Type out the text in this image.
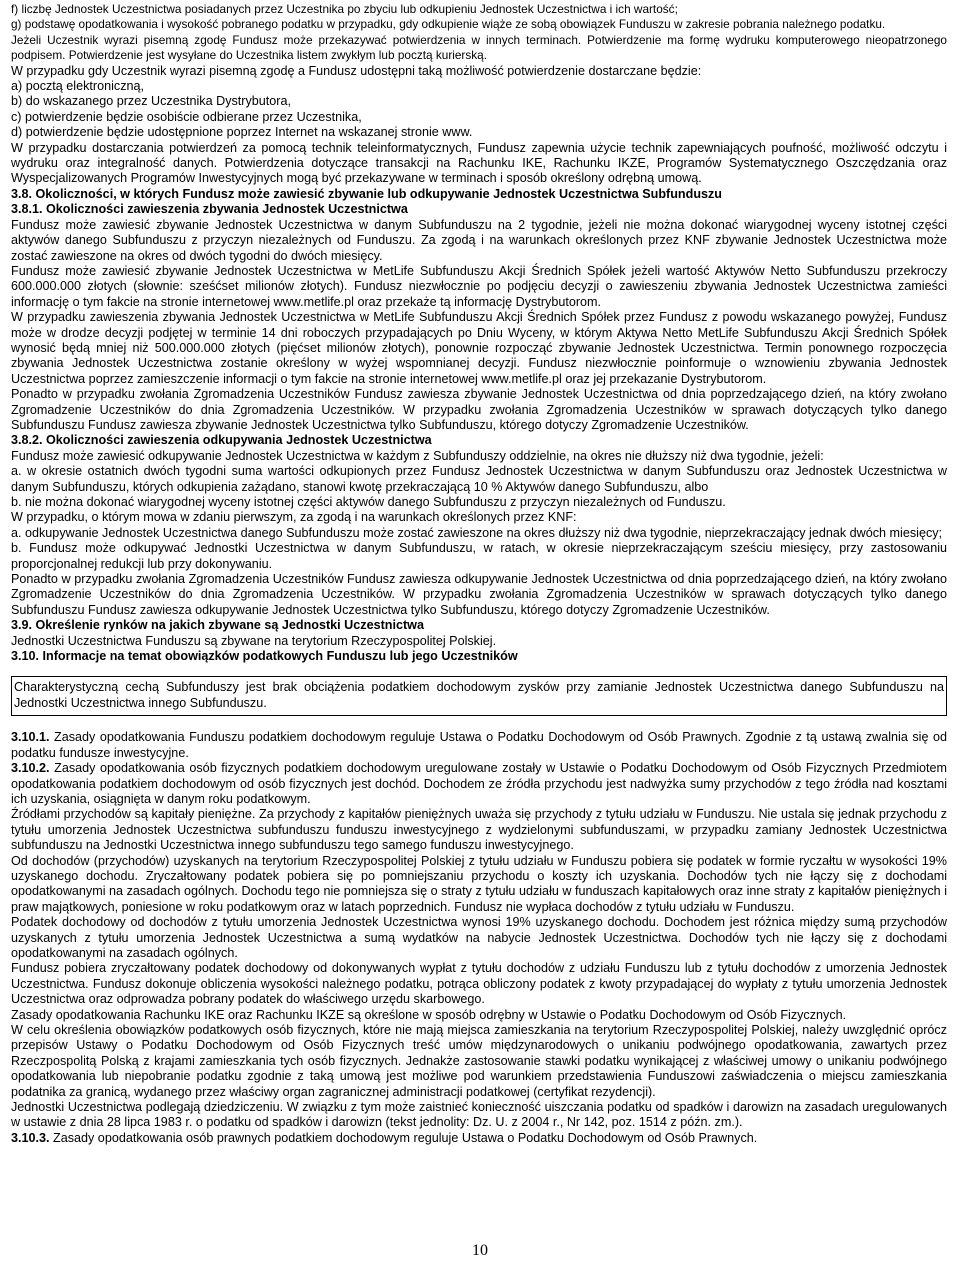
f) liczbę Jednostek Uczestnictwa posiadanych przez Uczestnika po zbyciu lub odkupieniu Jednostek Uczestnictwa i ich wartość;

g) podstawę opodatkowania i wysokość pobranego podatku w przypadku, gdy odkupienie wiąże ze sobą obowiązek Funduszu w zakresie pobrania należnego podatku.

Jeżeli Uczestnik wyrazi pisemną zgodę Fundusz może przekazywać potwierdzenia w innych terminach. Potwierdzenie ma formę wydruku komputerowego nieopatrzonego podpisem. Potwierdzenie jest wysyłane do Uczestnika listem zwykłym lub pocztą kurierską.

W przypadku gdy Uczestnik wyrazi pisemną zgodę a Fundusz udostępni taką możliwość potwierdzenie dostarczane będzie:

a) pocztą elektroniczną,

b) do wskazanego przez Uczestnika Dystrybutora,

c) potwierdzenie będzie osobiście odbierane przez Uczestnika,

d) potwierdzenie będzie udostępnione poprzez Internet na wskazanej stronie www.

W przypadku dostarczania potwierdzeń za pomocą technik teleinformatycznych, Fundusz zapewnia użycie technik zapewniających poufność, możliwość odczytu i wydruku oraz integralność danych. Potwierdzenia dotyczące transakcji na Rachunku IKE, Rachunku IKZE, Programów Systematycznego Oszczędzania oraz Wyspecjalizowanych Programów Inwestycyjnych mogą być przekazywane w terminach i sposób określony odrębną umową.

3.8. Okoliczności, w których Fundusz może zawiesić zbywanie lub odkupywanie Jednostek Uczestnictwa Subfunduszu

3.8.1. Okoliczności zawieszenia zbywania Jednostek Uczestnictwa

Fundusz może zawiesić zbywanie Jednostek Uczestnictwa w danym Subfunduszu na 2 tygodnie, jeżeli nie można dokonać wiarygodnej wyceny istotnej części aktywów danego Subfunduszu z przyczyn niezależnych od Funduszu. Za zgodą i na warunkach określonych przez KNF zbywanie Jednostek Uczestnictwa może zostać zawieszone na okres od dwóch tygodni do dwóch miesięcy.

Fundusz może zawiesić zbywanie Jednostek Uczestnictwa w MetLife Subfunduszu Akcji Średnich Spółek jeżeli wartość Aktywów Netto Subfunduszu przekroczy 600.000.000 złotych (słownie: sześćset milionów złotych). Fundusz niezwłocznie po podjęciu decyzji o zawieszeniu zbywania Jednostek Uczestnictwa zamieści informację o tym fakcie na stronie internetowej www.metlife.pl oraz przekaże tą informację Dystrybutorom.

W przypadku zawieszenia zbywania Jednostek Uczestnictwa w MetLife Subfunduszu Akcji Średnich Spółek przez Fundusz z powodu wskazanego powyżej, Fundusz może w drodze decyzji podjętej w terminie 14 dni roboczych przypadających po Dniu Wyceny, w którym Aktywa Netto MetLife Subfunduszu Akcji Średnich Spółek wynosić będą mniej niż 500.000.000 złotych (pięćset milionów złotych), ponownie rozpocząć zbywanie Jednostek Uczestnictwa. Termin ponownego rozpoczęcia zbywania Jednostek Uczestnictwa zostanie określony w wyżej wspomnianej decyzji. Fundusz niezwłocznie poinformuje o wznowieniu zbywania Jednostek Uczestnictwa poprzez zamieszczenie informacji o tym fakcie na stronie internetowej www.metlife.pl oraz jej przekazanie Dystrybutorom.

Ponadto w przypadku zwołania Zgromadzenia Uczestników Fundusz zawiesza zbywanie Jednostek Uczestnictwa od dnia poprzedzającego dzień, na który zwołano Zgromadzenie Uczestników do dnia Zgromadzenia Uczestników. W przypadku zwołania Zgromadzenia Uczestników w sprawach dotyczących tylko danego Subfunduszu Fundusz zawiesza zbywanie Jednostek Uczestnictwa tylko Subfunduszu, którego dotyczy Zgromadzenie Uczestników.

3.8.2. Okoliczności zawieszenia odkupywania Jednostek Uczestnictwa

Fundusz może zawiesić odkupywanie Jednostek Uczestnictwa w każdym z Subfunduszy oddzielnie, na okres nie dłuższy niż dwa tygodnie, jeżeli:

a. w okresie ostatnich dwóch tygodni suma wartości odkupionych przez Fundusz Jednostek Uczestnictwa w danym Subfunduszu oraz Jednostek Uczestnictwa w danym Subfunduszu, których odkupienia zażądano, stanowi kwotę przekraczającą 10 % Aktywów danego Subfunduszu, albo

b. nie można dokonać wiarygodnej wyceny istotnej części aktywów danego Subfunduszu z przyczyn niezależnych od Funduszu.

W przypadku, o którym mowa w zdaniu pierwszym, za zgodą i na warunkach określonych przez KNF:

a. odkupywanie Jednostek Uczestnictwa danego Subfunduszu może zostać zawieszone na okres dłuższy niż dwa tygodnie, nieprzekraczający jednak dwóch miesięcy;

b. Fundusz może odkupywać Jednostki Uczestnictwa w danym Subfunduszu, w ratach, w okresie nieprzekraczającym sześciu miesięcy, przy zastosowaniu proporcjonalnej redukcji lub przy dokonywaniu.

Ponadto w przypadku zwołania Zgromadzenia Uczestników Fundusz zawiesza odkupywanie Jednostek Uczestnictwa od dnia poprzedzającego dzień, na który zwołano Zgromadzenie Uczestników do dnia Zgromadzenia Uczestników. W przypadku zwołania Zgromadzenia Uczestników w sprawach dotyczących tylko danego Subfunduszu Fundusz zawiesza odkupywanie Jednostek Uczestnictwa tylko Subfunduszu, którego dotyczy Zgromadzenie Uczestników.

3.9. Określenie rynków na jakich zbywane są Jednostki Uczestnictwa

Jednostki Uczestnictwa Funduszu są zbywane na terytorium Rzeczypospolitej Polskiej.

3.10. Informacje na temat obowiązków podatkowych Funduszu lub jego Uczestników

Charakterystyczną cechą Subfunduszy jest brak obciążenia podatkiem dochodowym zysków przy zamianie Jednostek Uczestnictwa danego Subfunduszu na Jednostki Uczestnictwa innego Subfunduszu.

3.10.1. Zasady opodatkowania Funduszu podatkiem dochodowym reguluje Ustawa o Podatku Dochodowym od Osób Prawnych. Zgodnie z tą ustawą zwalnia się od podatku fundusze inwestycyjne.

3.10.2. Zasady opodatkowania osób fizycznych podatkiem dochodowym uregulowane zostały w Ustawie o Podatku Dochodowym od Osób Fizycznych Przedmiotem opodatkowania podatkiem dochodowym od osób fizycznych jest dochód. Dochodem ze źródła przychodu jest nadwyżka sumy przychodów z tego źródła nad kosztami ich uzyskania, osiągnięta w danym roku podatkowym.

Źródłami przychodów są kapitały pieniężne. Za przychody z kapitałów pieniężnych uważa się przychody z tytułu udziału w Funduszu. Nie ustala się jednak przychodu z tytułu umorzenia Jednostek Uczestnictwa subfunduszu funduszu inwestycyjnego z wydzielonymi subfunduszami, w przypadku zamiany Jednostek Uczestnictwa subfunduszu na Jednostki Uczestnictwa innego subfunduszu tego samego funduszu inwestycyjnego.

Od dochodów (przychodów) uzyskanych na terytorium Rzeczypospolitej Polskiej z tytułu udziału w Funduszu pobiera się podatek w formie ryczałtu w wysokości 19% uzyskanego dochodu. Zryczałtowany podatek pobiera się po pomniejszaniu przychodu o koszty ich uzyskania. Dochodów tych nie łączy się z dochodami opodatkowanymi na zasadach ogólnych. Dochodu tego nie pomniejsza się o straty z tytułu udziału w funduszach kapitałowych oraz inne straty z kapitałów pieniężnych i praw majątkowych, poniesione w roku podatkowym oraz w latach poprzednich. Fundusz nie wypłaca dochodów z tytułu udziału w Funduszu.

Podatek dochodowy od dochodów z tytułu umorzenia Jednostek Uczestnictwa wynosi 19% uzyskanego dochodu. Dochodem jest różnica między sumą przychodów uzyskanych z tytułu umorzenia Jednostek Uczestnictwa a sumą wydatków na nabycie Jednostek Uczestnictwa. Dochodów tych nie łączy się z dochodami opodatkowanymi na zasadach ogólnych.

Fundusz pobiera zryczałtowany podatek dochodowy od dokonywanych wypłat z tytułu dochodów z udziału Funduszu lub z tytułu dochodów z umorzenia Jednostek Uczestnictwa. Fundusz dokonuje obliczenia wysokości należnego podatku, potrąca obliczony podatek z kwoty przypadającej do wypłaty z tytułu umorzenia Jednostek Uczestnictwa oraz odprowadza pobrany podatek do właściwego urzędu skarbowego.

Zasady opodatkowania Rachunku IKE oraz Rachunku IKZE są określone w sposób odrębny w Ustawie o Podatku Dochodowym od Osób Fizycznych.

W celu określenia obowiązków podatkowych osób fizycznych, które nie mają miejsca zamieszkania na terytorium Rzeczypospolitej Polskiej, należy uwzględnić oprócz przepisów Ustawy o Podatku Dochodowym od Osób Fizycznych treść umów międzynarodowych o unikaniu podwójnego opodatkowania, zawartych przez Rzeczpospolitą Polską z krajami zamieszkania tych osób fizycznych. Jednakże zastosowanie stawki podatku wynikającej z właściwej umowy o unikaniu podwójnego opodatkowania lub niepobranie podatku zgodnie z taką umową jest możliwe pod warunkiem przedstawienia Funduszowi zaświadczenia o miejscu zamieszkania podatnika za granicą, wydanego przez właściwy organ zagranicznej administracji podatkowej (certyfikat rezydencji).

Jednostki Uczestnictwa podlegają dziedziczeniu. W związku z tym może zaistnieć konieczność uiszczania podatku od spadków i darowizn na zasadach uregulowanych w ustawie z dnia 28 lipca 1983 r. o podatku od spadków i darowizn (tekst jednolity: Dz. U. z 2004 r., Nr 142, poz. 1514 z późn. zm.).

3.10.3. Zasady opodatkowania osób prawnych podatkiem dochodowym reguluje Ustawa o Podatku Dochodowym od Osób Prawnych.

10
